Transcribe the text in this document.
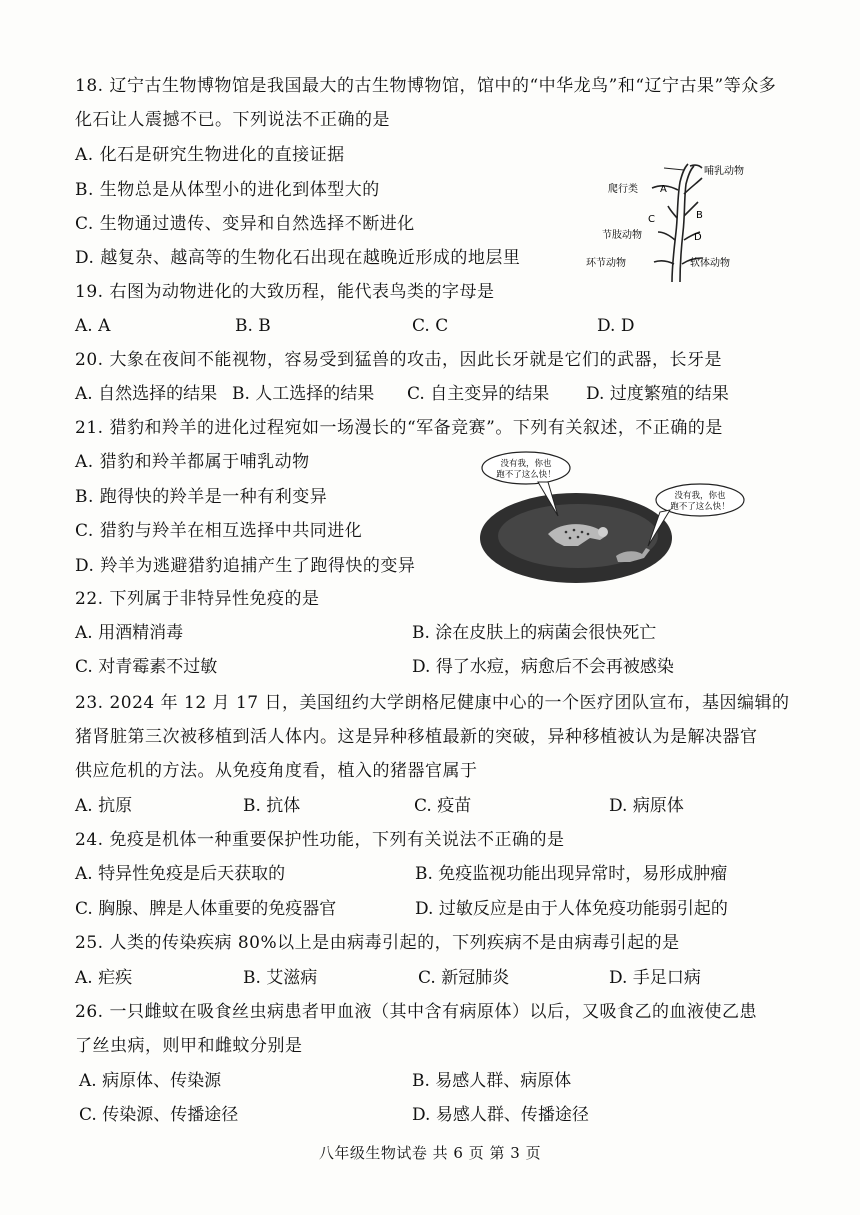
18. 辽宁古生物博物馆是我国最大的古生物博物馆，馆中的“中华龙鸟”和“辽宁古果”等众多
化石让人震撼不已。下列说法不正确的是
A. 化石是研究生物进化的直接证据
B. 生物总是从体型小的进化到体型大的
C. 生物通过遗传、变异和自然选择不断进化
D. 越复杂、越高等的生物化石出现在越晚近形成的地层里
哺乳动物
爬行类 A
C	B
D
节肢动物
环节动物	软体动物
19. 右图为动物进化的大致历程，能代表鸟类的字母是
A. A	B. B	C. C	D. D
20. 大象在夜间不能视物，容易受到猛兽的攻击，因此长牙就是它们的武器，长牙是
A. 自然选择的结果 B. 人工选择的结果 C. 自主变异的结果 D. 过度繁殖的结果
21. 猎豹和羚羊的进化过程宛如一场漫长的“军备竞赛”。下列有关叙述，不正确的是
A. 猎豹和羚羊都属于哺乳动物
B. 跑得快的羚羊是一种有利变异
C. 猎豹与羚羊在相互选择中共同进化
D. 羚羊为逃避猎豹追捕产生了跑得快的变异
没有我，你也
跑不了这么快！
没有我，你也
跑不了这么快！
22. 下列属于非特异性免疫的是
A. 用酒精消毒	B. 涂在皮肤上的病菌会很快死亡
C. 对青霉素不过敏	D. 得了水痘，病愈后不会再被感染
23. 2024 年 12 月 17 日，美国纽约大学朗格尼健康中心的一个医疗团队宣布，基因编辑的
猪肾脏第三次被移植到活人体内。这是异种移植最新的突破，异种移植被认为是解决器官
供应危机的方法。从免疫角度看，植入的猪器官属于
A. 抗原	B. 抗体	C. 疫苗	D. 病原体
24. 免疫是机体一种重要保护性功能，下列有关说法不正确的是
A. 特异性免疫是后天获取的	B. 免疫监视功能出现异常时，易形成肿瘤
C. 胸腺、脾是人体重要的免疫器官	D. 过敏反应是由于人体免疫功能弱引起的
25. 人类的传染疾病 80%以上是由病毒引起的，下列疾病不是由病毒引起的是
A. 疟疾	B. 艾滋病	C. 新冠肺炎	D. 手足口病
26. 一只雌蚊在吸食丝虫病患者甲血液（其中含有病原体）以后，又吸食乙的血液使乙患
了丝虫病，则甲和雌蚊分别是
A. 病原体、传染源	B. 易感人群、病原体
C. 传染源、传播途径	D. 易感人群、传播途径
八年级生物试卷 共 6 页 第 3 页
